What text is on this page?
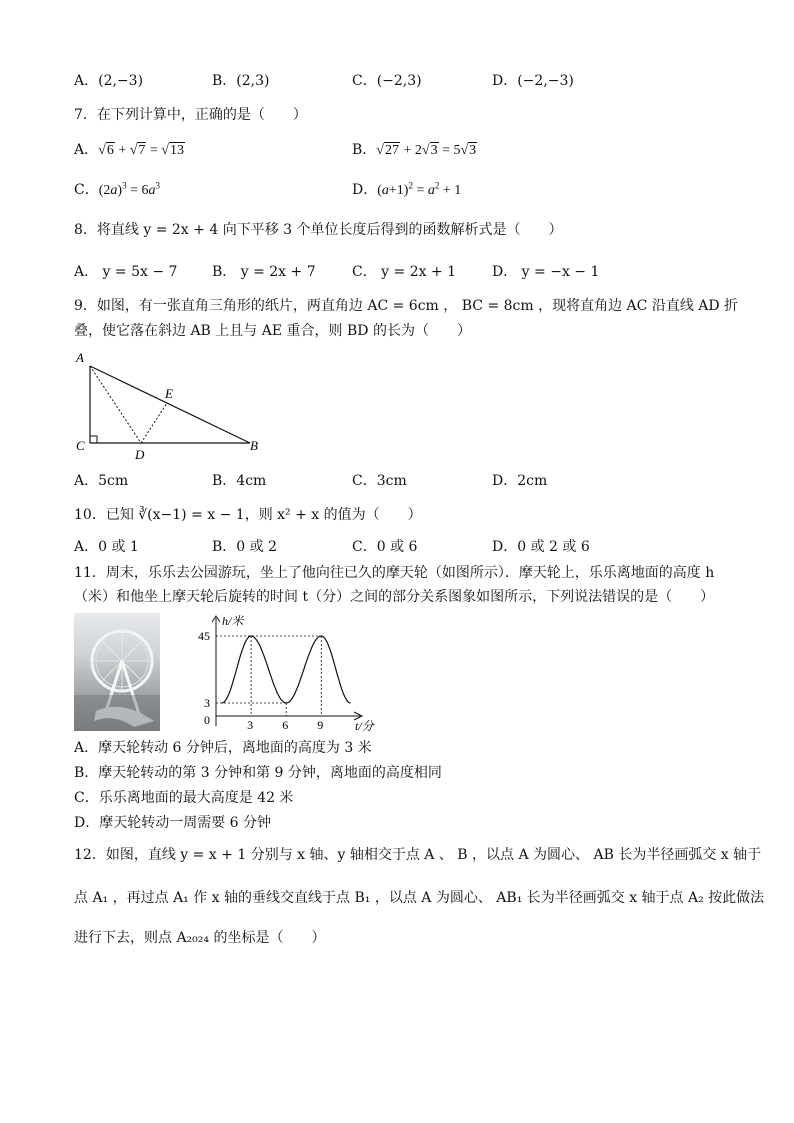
A．(2,−3)	B．(2,3)	C．(−2,3)	D．(−2,−3)
7．在下列计算中，正确的是（　　）
A．√6 + √7 = √13	B．√27 + 2√3 = 5√3
C．$(2a)^3 = 6a^3$	D．$(a+1)^2 = a^2 + 1$
8．将直线 y = 2x + 4 向下平移 3 个单位长度后得到的函数解析式是（　　）
A． y = 5x − 7 B． y = 2x + 7	C． y = 2x + 1	D． y = −x − 1
9．如图，有一张直角三角形的纸片，两直角边 AC = 6cm ， BC = 8cm ，现将直角边 AC 沿直线 AD 折
叠，使它落在斜边 AB 上且与 AE 重合，则 BD 的长为（　　）
A
E
C
D
B
A．5cm	B．4cm	C．3cm	D．2cm
10．已知 ∛(x−1) = x − 1，则 x² + x 的值为（　　）
A．0 或 1	B．0 或 2	C．0 或 6	D．0 或 2 或 6
11．周末，乐乐去公园游玩，坐上了他向往已久的摩天轮（如图所示）．摩天轮上，乐乐离地面的高度 h
（米）和他坐上摩天轮后旋转的时间 t（分）之间的部分关系图象如图所示，下列说法错误的是（　　）
h/米
t/分
3 6 9
45
3
0
A．摩天轮转动 6 分钟后，离地面的高度为 3 米
B．摩天轮转动的第 3 分钟和第 9 分钟，离地面的高度相同
C．乐乐离地面的最大高度是 42 米
D．摩天轮转动一周需要 6 分钟
12．如图，直线 y = x + 1 分别与 x 轴、y 轴相交于点 A 、 B ，以点 A 为圆心、 AB 长为半径画弧交 x 轴于
点 A₁ ，再过点 A₁ 作 x 轴的垂线交直线于点 B₁ ，以点 A 为圆心、 AB₁ 长为半径画弧交 x 轴于点 A₂ 按此做法
进行下去，则点 A₂₀₂₄ 的坐标是（　　）
